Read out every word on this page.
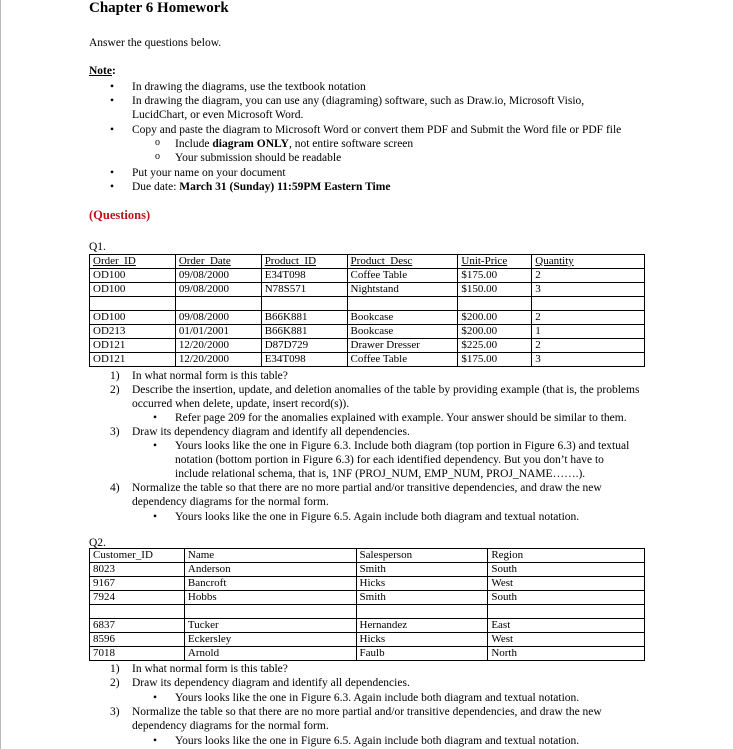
Chapter 6 Homework
Answer the questions below.
Note:
• In drawing the diagrams, use the textbook notation
• In drawing the diagram, you can use any (diagraming) software, such as Draw.io, Microsoft Visio,
LucidChart, or even Microsoft Word.
• Copy and paste the diagram to Microsoft Word or convert them PDF and Submit the Word file or PDF file
o Include diagram ONLY, not entire software screen
o Your submission should be readable
• Put your name on your document
• Due date: March 31 (Sunday) 11:59PM Eastern Time
(Questions)
Q1.
Order_ID	Order_Date	Product_ID	Product_Desc	Unit-Price	Quantity
OD100	09/08/2000	E34T098	Coffee Table	$175.00	2
OD100	09/08/2000	N78S571	Nightstand	$150.00	3

OD100	09/08/2000	B66K881	Bookcase	$200.00	2
OD213	01/01/2001	B66K881	Bookcase	$200.00	1
OD121	12/20/2000	D87D729	Drawer Dresser	$225.00	2
OD121	12/20/2000	E34T098	Coffee Table	$175.00	3
1) In what normal form is this table?
2) Describe the insertion, update, and deletion anomalies of the table by providing example (that is, the problems
occurred when delete, update, insert record(s)).
• Refer page 209 for the anomalies explained with example. Your answer should be similar to them.
3) Draw its dependency diagram and identify all dependencies.
• Yours looks like the one in Figure 6.3. Include both diagram (top portion in Figure 6.3) and textual
notation (bottom portion in Figure 6.3) for each identified dependency. But you don’t have to
include relational schema, that is, 1NF (PROJ_NUM, EMP_NUM, PROJ_NAME…….).
4) Normalize the table so that there are no more partial and/or transitive dependencies, and draw the new
dependency diagrams for the normal form.
• Yours looks like the one in Figure 6.5. Again include both diagram and textual notation.
Q2.
Customer_ID	Name	Salesperson	Region
8023	Anderson	Smith	South
9167	Bancroft	Hicks	West
7924	Hobbs	Smith	South

6837	Tucker	Hernandez	East
8596	Eckersley	Hicks	West
7018	Arnold	Faulb	North
1) In what normal form is this table?
2) Draw its dependency diagram and identify all dependencies.
• Yours looks like the one in Figure 6.3. Again include both diagram and textual notation.
3) Normalize the table so that there are no more partial and/or transitive dependencies, and draw the new
dependency diagrams for the normal form.
• Yours looks like the one in Figure 6.5. Again include both diagram and textual notation.
